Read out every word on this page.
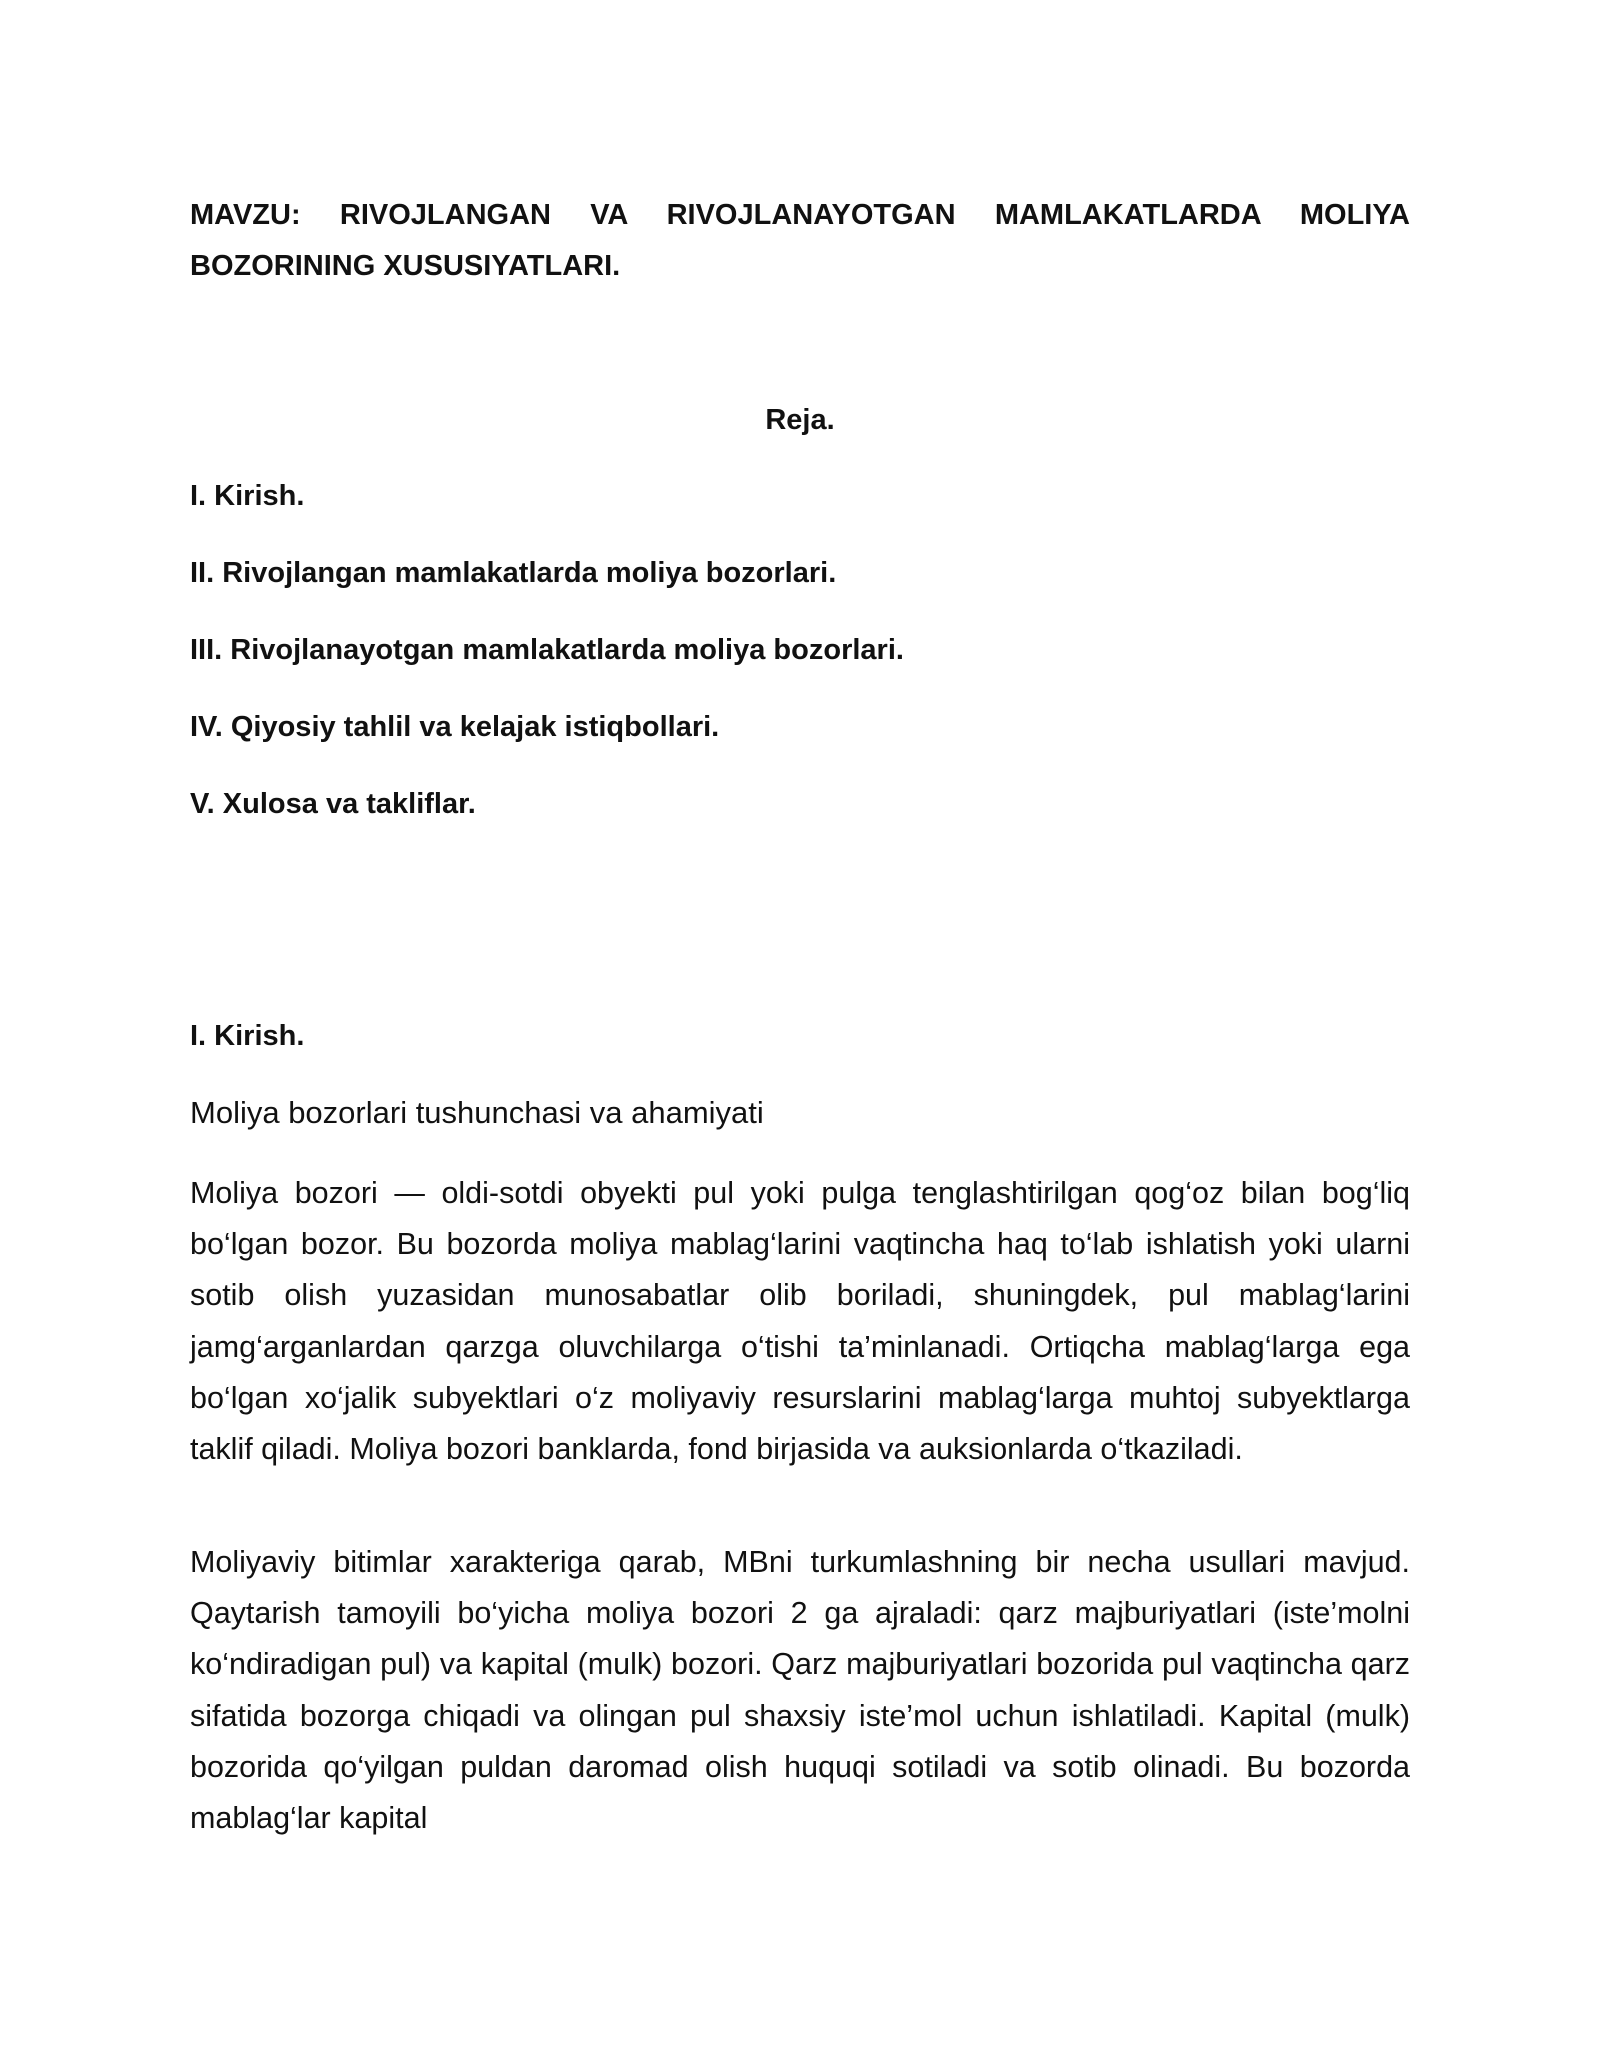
MAVZU: RIVOJLANGAN VA RIVOJLANAYOTGAN MAMLAKATLARDA MOLIYA BOZORINING XUSUSIYATLARI.

Reja.

I. Kirish.
II. Rivojlangan mamlakatlarda moliya bozorlari.
III. Rivojlanayotgan mamlakatlarda moliya bozorlari.
IV. Qiyosiy tahlil va kelajak istiqbollari.
V. Xulosa va takliflar.

I. Kirish.

Moliya bozorlari tushunchasi va ahamiyati

Moliya bozori — oldi-sotdi obyekti pul yoki pulga tenglashtirilgan qog‘oz bilan bog‘liq bo‘lgan bozor. Bu bozorda moliya mablag‘larini vaqtincha haq to‘lab ishlatish yoki ularni sotib olish yuzasidan munosabatlar olib boriladi, shuningdek, pul mablag‘larini jamg‘arganlardan qarzga oluvchilarga o‘tishi ta’minlanadi. Ortiqcha mablag‘larga ega bo‘lgan xo‘jalik subyektlari o‘z moliyaviy resurslarini mablag‘larga muhtoj subyektlarga taklif qiladi. Moliya bozori banklarda, fond birjasida va auksionlarda o‘tkaziladi.

Moliyaviy bitimlar xarakteriga qarab, MBni turkumlashning bir necha usullari mavjud. Qaytarish tamoyili bo‘yicha moliya bozori 2 ga ajraladi: qarz majburiyatlari (iste’molni ko‘ndiradigan pul) va kapital (mulk) bozori. Qarz majburiyatlari bozorida pul vaqtincha qarz sifatida bozorga chiqadi va olingan pul shaxsiy iste’mol uchun ishlatiladi. Kapital (mulk) bozorida qo‘yilgan puldan daromad olish huquqi sotiladi va sotib olinadi. Bu bozorda mablag‘lar kapital
